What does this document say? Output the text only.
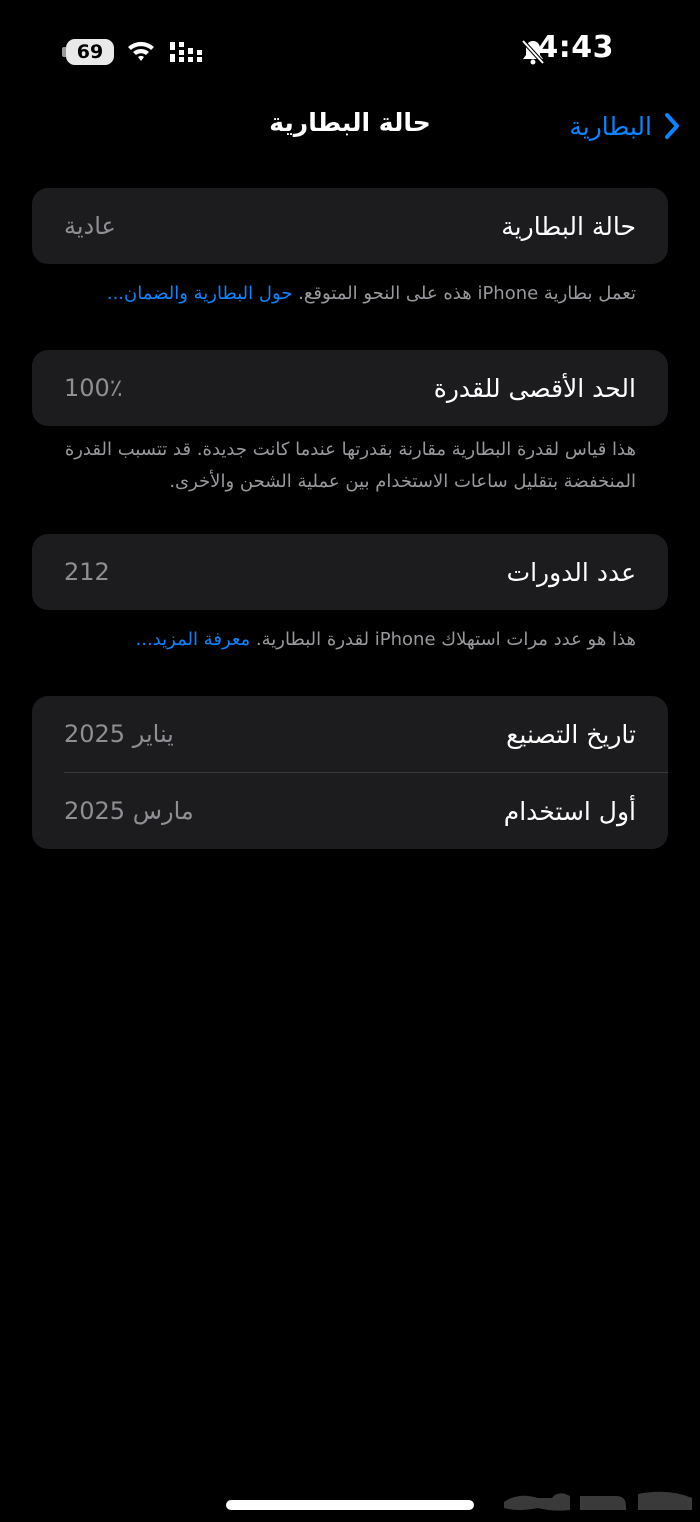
69	4:43
حالة البطارية	البطارية
حالة البطارية
عادية
تعمل بطارية iPhone هذه على النحو المتوقع. حول البطارية والضمان...
الحد الأقصى للقدرة
100٪
هذا قياس لقدرة البطارية مقارنة بقدرتها عندما كانت جديدة. قد تتسبب القدرة المنخفضة بتقليل ساعات الاستخدام بين عملية الشحن والأخرى.
عدد الدورات
212
هذا هو عدد مرات استهلاك iPhone لقدرة البطارية. معرفة المزيد...
تاريخ التصنيع
يناير 2025
أول استخدام
مارس 2025
